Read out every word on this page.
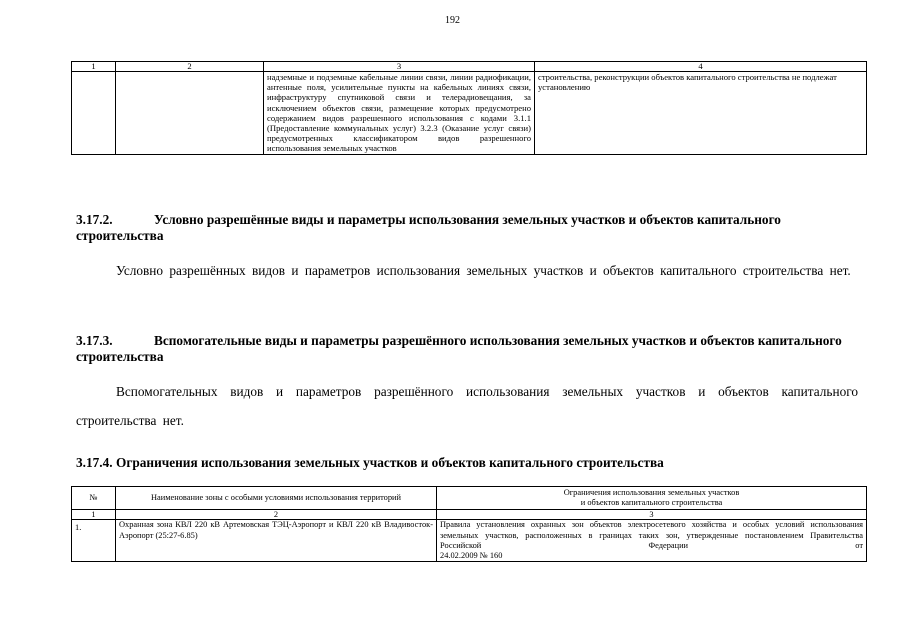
192
1	2	3	4
		надземные и подземные кабельные линии связи, линии радиофикации, антенные поля, усилительные пункты на кабельных линиях связи, инфраструктуру спутниковой связи и телерадиовещания, за исключением объектов связи, размещение которых предусмотрено содержанием видов разрешенного использования с кодами 3.1.1 (Предоставление коммунальных услуг) 3.2.3 (Оказание услуг связи) предусмотренных классификатором видов разрешенного использования земельных участков	строительства, реконструкции объектов капитального строительства не подлежат установлению
3.17.2.	Условно разрешённые виды и параметры использования земельных участков и объектов капитального строительства
Условно разрешённых видов и параметров использования земельных участков и объектов капитального строительства нет.
3.17.3.	Вспомогательные виды и параметры разрешённого использования земельных участков и объектов капитального строительства
Вспомогательных видов и параметров разрешённого использования земельных участков и объектов капитального строительства нет.
3.17.4. Ограничения использования земельных участков и объектов капитального строительства
№	Наименование зоны с особыми условиями использования территорий	Ограничения использования земельных участков
и объектов капитального строительства

1	2	3
1.	Охранная зона КВЛ 220 кВ Артемовская ТЭЦ-Аэропорт и КВЛ 220 кВ Владивосток-Аэропорт (25:27-6.85)	Правила установления охранных зон объектов электросетевого хозяйства и особых условий использования земельных участков, расположенных в границах таких зон, утвержденные постановлением Правительства Российской Федерации от
24.02.2009 № 160
